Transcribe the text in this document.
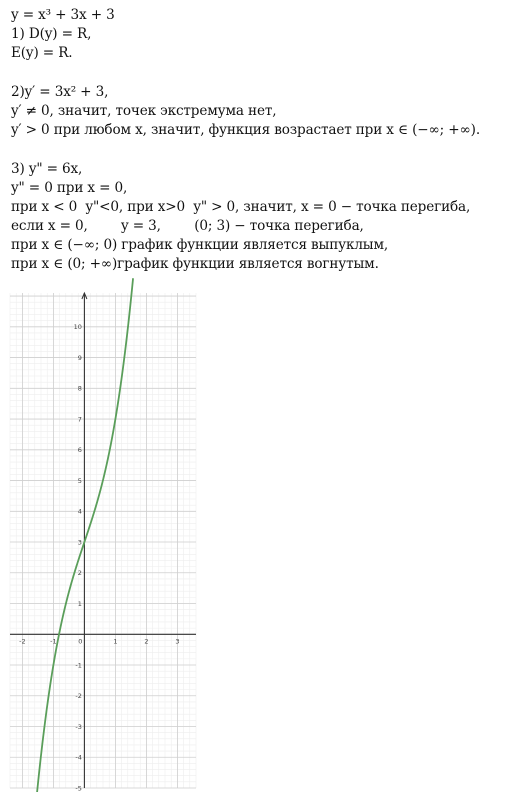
y = x³ + 3x + 3
1) D(y) = R,
E(y) = R.
2)y′ = 3x² + 3,
y′ ≠ 0, значит, точек экстремума нет,
y′ > 0 при любом x, значит, функция возрастает при x ∈ (−∞; +∞).
3) y" = 6x,
y" = 0 при x = 0,
при x < 0  y"<0, при x>0  y" > 0, значит, x = 0 − точка перегиба,
если x = 0,        y = 3,        (0; 3) − точка перегиба,
при x ∈ (−∞; 0) график функции является выпуклым,
при x ∈ (0; +∞)график функции является вогнутым.
-2	-1	0	1	2	3
-5
-4
-3
-2
-1
1
2
3
4
5
6
7
8
9
10
